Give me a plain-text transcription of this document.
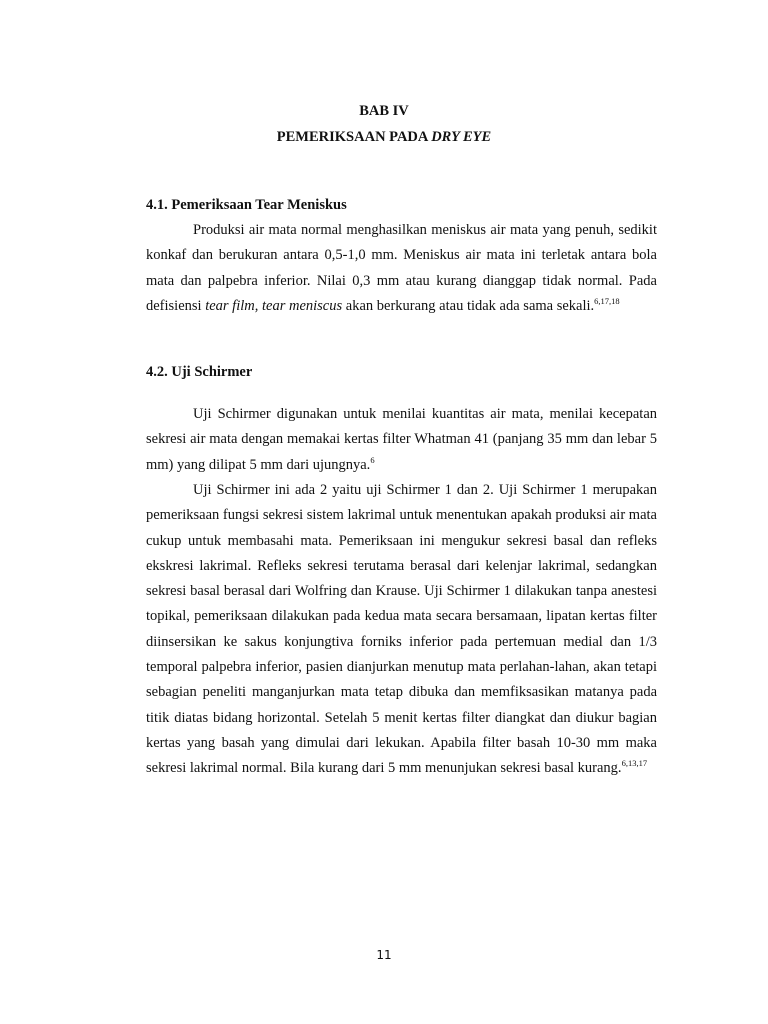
BAB IV
PEMERIKSAAN PADA DRY EYE
4.1. Pemeriksaan Tear Meniskus

Produksi air mata normal menghasilkan meniskus air mata yang penuh, sedikit konkaf dan berukuran antara 0,5-1,0 mm. Meniskus air mata ini terletak antara bola mata dan palpebra inferior. Nilai 0,3 mm atau kurang dianggap tidak normal. Pada defisiensi tear film, tear meniscus akan berkurang atau tidak ada sama sekali.$^{6,17,18}$

4.2. Uji Schirmer

Uji Schirmer digunakan untuk menilai kuantitas air mata, menilai kecepatan sekresi air mata dengan memakai kertas filter Whatman 41 (panjang 35 mm dan lebar 5 mm) yang dilipat 5 mm dari ujungnya.$^6$

Uji Schirmer ini ada 2 yaitu uji Schirmer 1 dan 2. Uji Schirmer 1 merupakan pemeriksaan fungsi sekresi sistem lakrimal untuk menentukan apakah produksi air mata cukup untuk membasahi mata. Pemeriksaan ini mengukur sekresi basal dan refleks ekskresi lakrimal. Refleks sekresi terutama berasal dari kelenjar lakrimal, sedangkan sekresi basal berasal dari Wolfring dan Krause. Uji Schirmer 1 dilakukan tanpa anestesi topikal, pemeriksaan dilakukan pada kedua mata secara bersamaan, lipatan kertas filter diinsersikan ke sakus konjungtiva forniks inferior pada pertemuan medial dan 1/3 temporal palpebra inferior, pasien dianjurkan menutup mata perlahan-lahan, akan tetapi sebagian peneliti manganjurkan mata tetap dibuka dan memfiksasikan matanya pada titik diatas bidang horizontal. Setelah 5 menit kertas filter diangkat dan diukur bagian kertas yang basah yang dimulai dari lekukan. Apabila filter basah 10-30 mm maka sekresi lakrimal normal. Bila kurang dari 5 mm menunjukan sekresi basal kurang.$^{6,13,17}$

11
